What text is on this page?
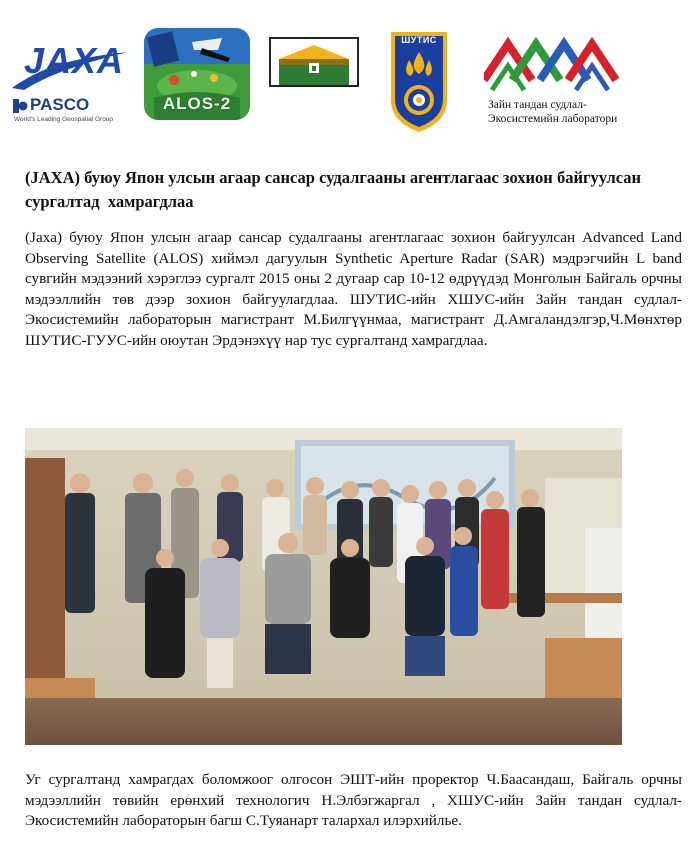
JAXA
PASCO
World's Leading Geospatial Group
ALOS-2
ШУТИС
Зайн тандан судлал-
Экосистемийн лаборатори
(JAXA) буюу Япон улсын агаар сансар судалгааны агентлагаас зохион байгуулсан
сургалтад  хамрагдлаа

(Jaxa) буюу Япон улсын агаар сансар судалгааны агентлагаас зохион байгуулсан Advanced Land Observing Satellite (ALOS) хиймэл дагуулын Synthetic Aperture Radar (SAR) мэдрэгчийн L band сувгийн мэдээний хэрэглээ сургалт 2015 оны 2 дугаар сар 10-12 өдрүүдэд Монголын Байгаль орчны мэдээллийн төв дээр зохион байгуулагдлаа. ШУТИС-ийн ХШУС-ийн Зайн тандан судлал-Экосистемийн лабораторын магистрант М.Билгүүнмаа, магистрант Д.Амгаландэлгэр,Ч.Мөнхтөр ШУТИС-ГУУС-ийн оюутан Эрдэнэхүү нар тус сургалтанд хамрагдлаа.

Уг сургалтанд хамрагдах боломжоог олгосон ЭШТ-ийн проректор Ч.Баасандаш, Байгаль орчны мэдээллийн төвийн ерөнхий технологич Н.Элбэгжаргал , ХШУС-ийн Зайн тандан судлал-Экосистемийн лабораторын багш С.Туяанарт талархал илэрхийлье.
